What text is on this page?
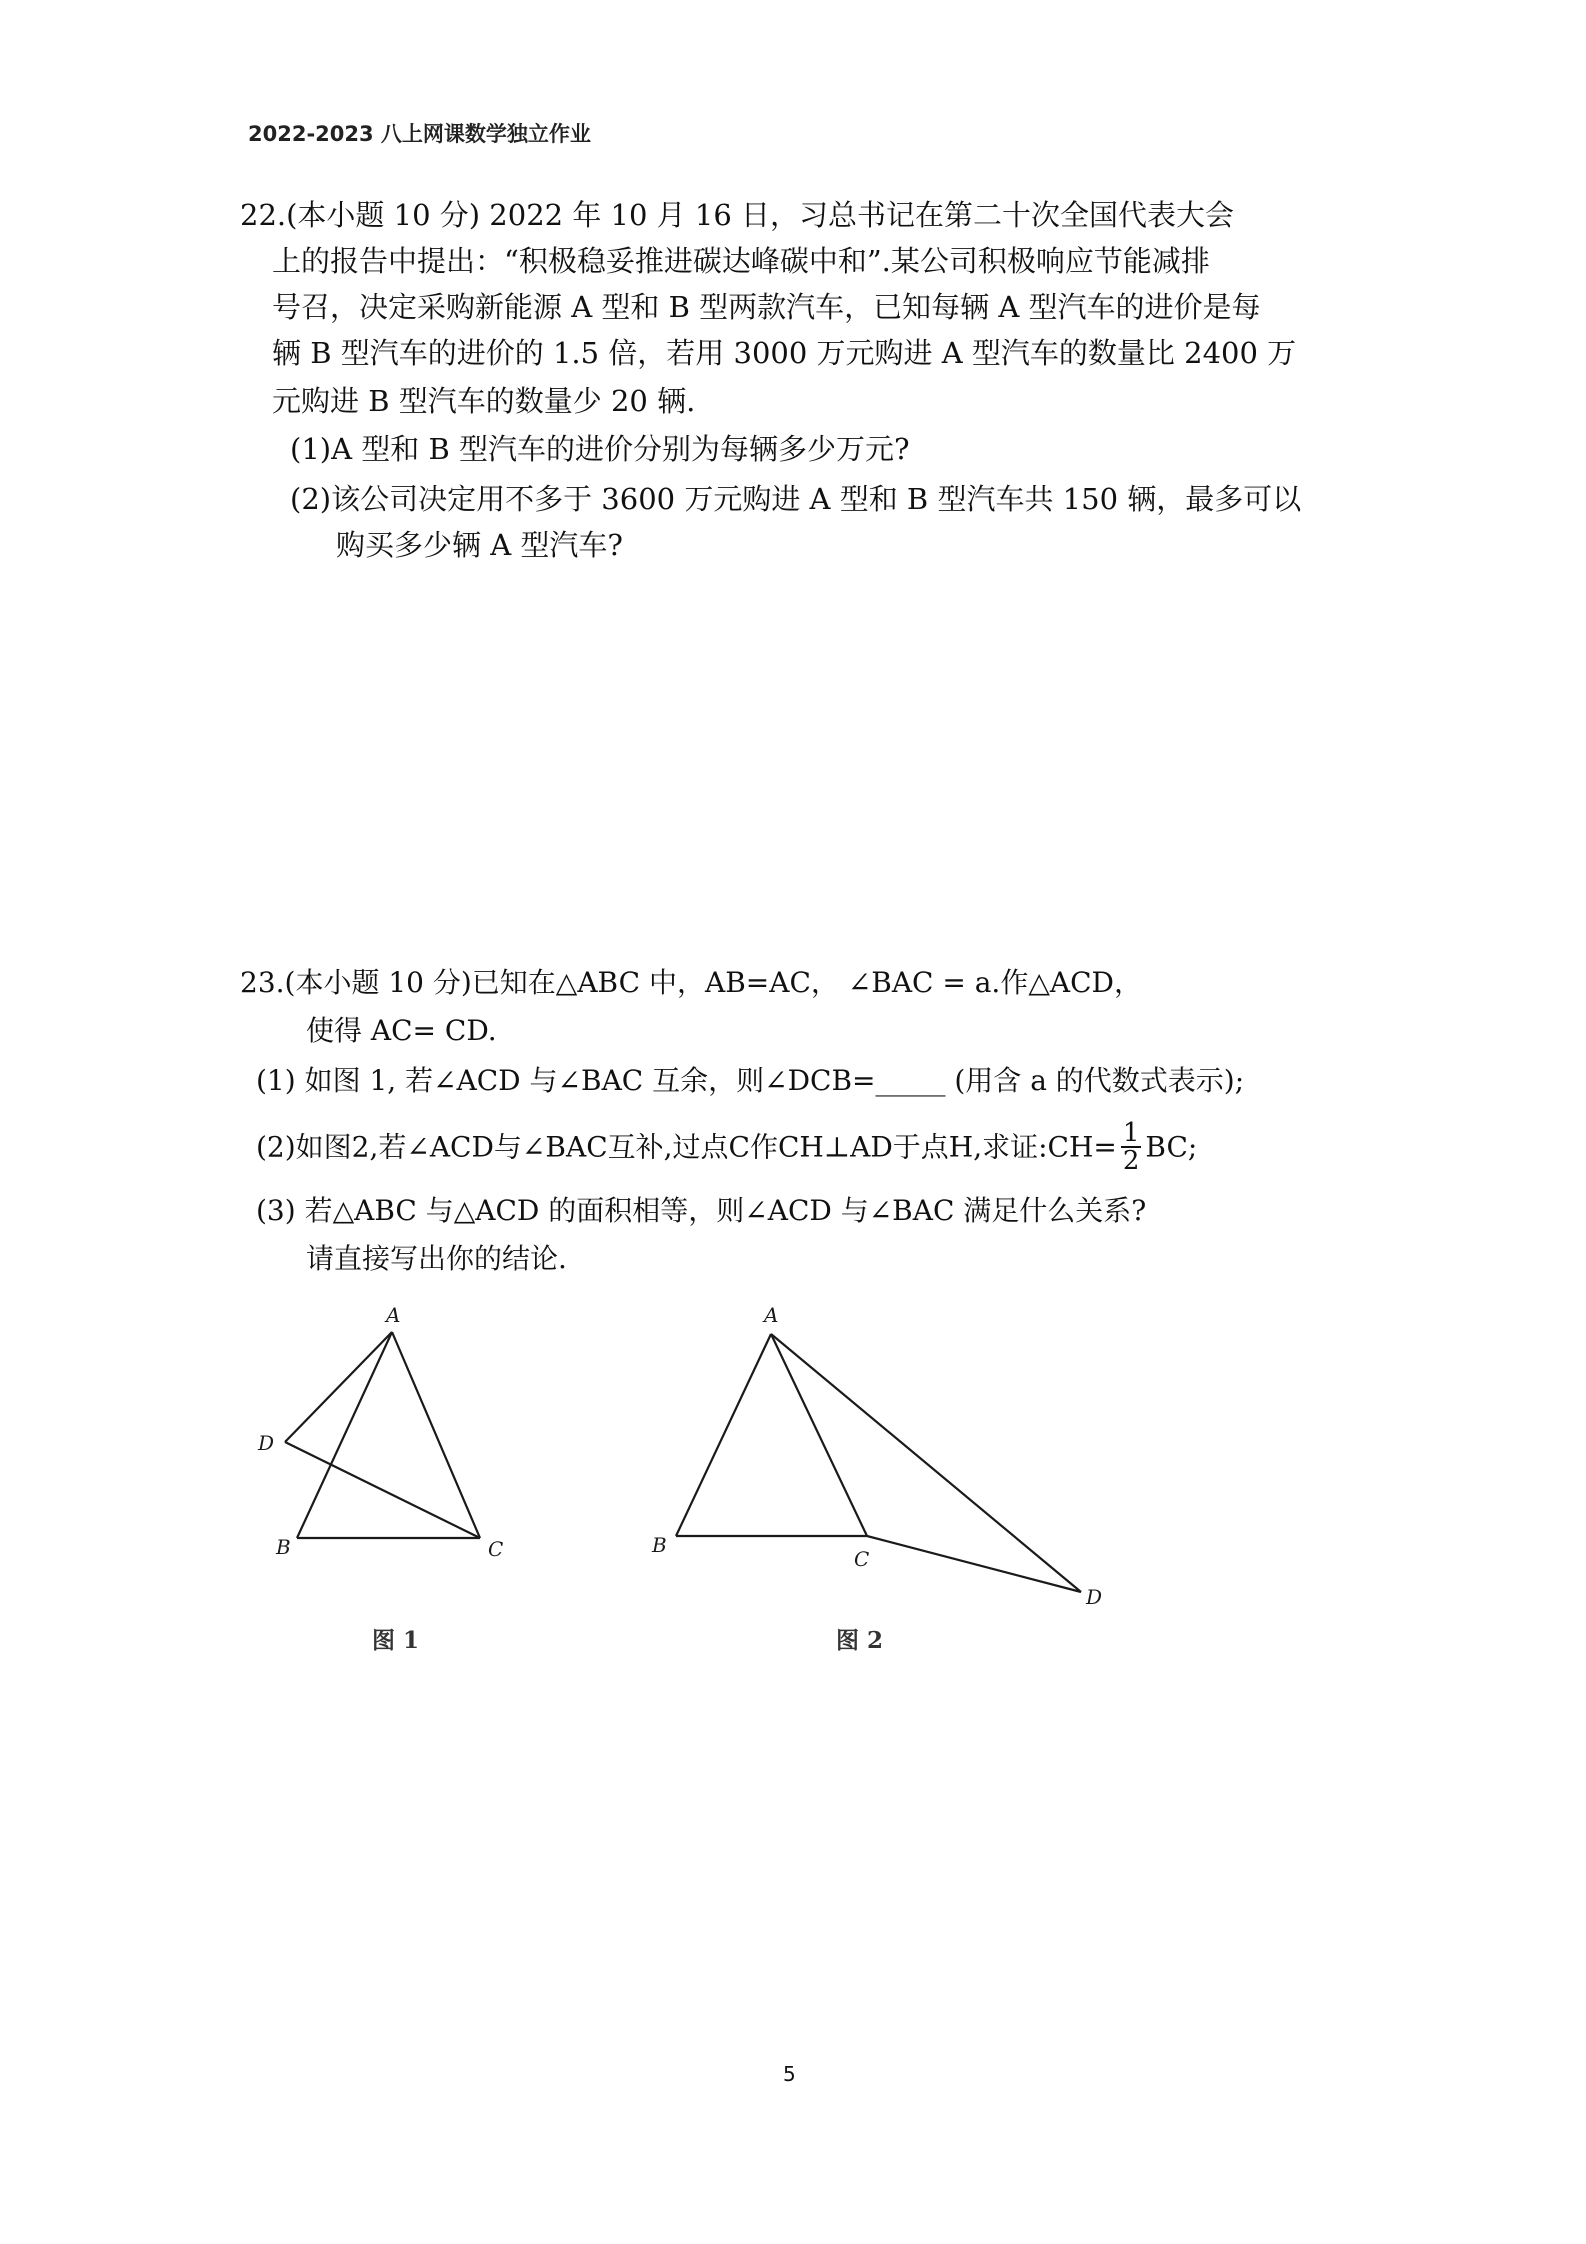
2022-2023 八上网课数学独立作业
22.(本小题 10 分) 2022 年 10 月 16 日，习总书记在第二十次全国代表大会
上的报告中提出：“积极稳妥推进碳达峰碳中和”.某公司积极响应节能减排
号召，决定采购新能源 A 型和 B 型两款汽车，已知每辆 A 型汽车的进价是每
辆 B 型汽车的进价的 1.5 倍，若用 3000 万元购进 A 型汽车的数量比 2400 万
元购进 B 型汽车的数量少 20 辆.
(1)A 型和 B 型汽车的进价分别为每辆多少万元?
(2)该公司决定用不多于 3600 万元购进 A 型和 B 型汽车共 150 辆，最多可以
购买多少辆 A 型汽车?
23.(本小题 10 分)已知在△ABC 中，AB=AC， ∠BAC = a.作△ACD，
使得 AC= CD.
(1) 如图 1, 若∠ACD 与∠BAC 互余，则∠DCB=_____ (用含 a 的代数式表示);
(2)如图2,若∠ACD与∠BAC互补,过点C作CH⊥AD于点H,求证:CH= $\frac{1}{2}$ BC;
(3) 若△ABC 与△ACD 的面积相等，则∠ACD 与∠BAC 满足什么关系?
请直接写出你的结论.
A
B	C
D
图 1
A
B
C
D
图 2
5
